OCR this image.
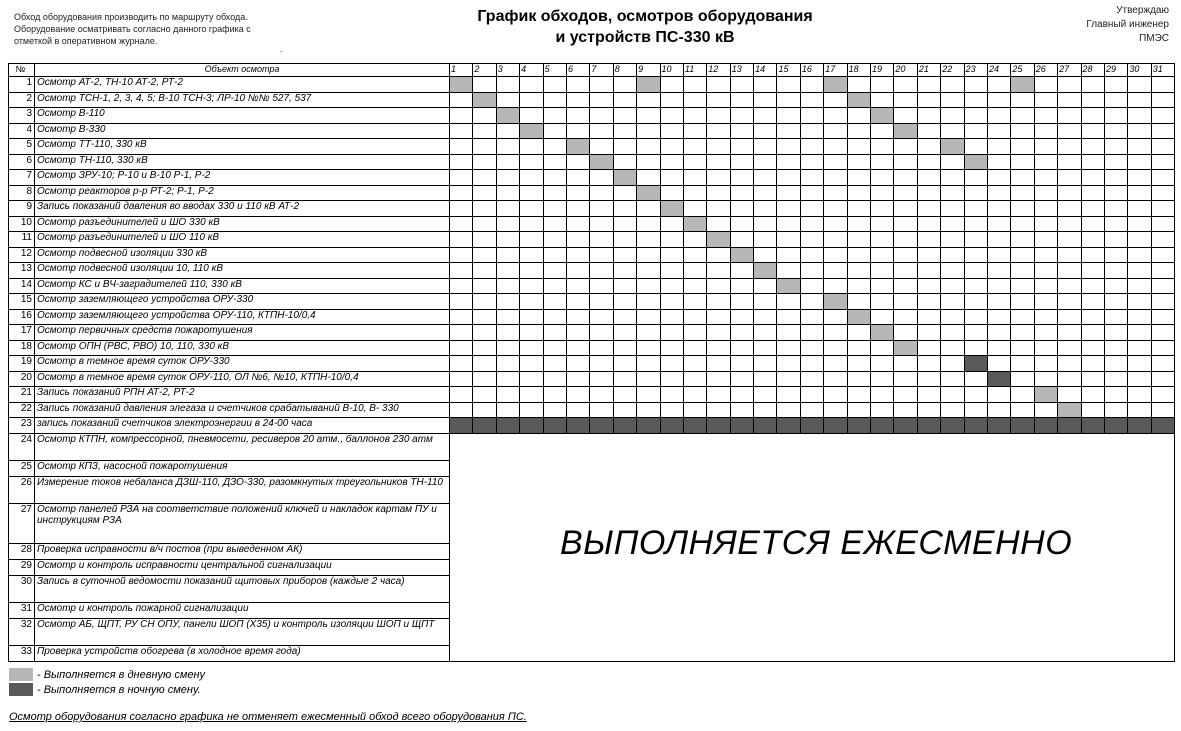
Обход оборудования производить по маршруту обхода.
Оборудование осматривать согласно данного графика с
отметкой в оперативном журнале.
График обходов, осмотров оборудования
и устройств ПС-330 кВ
.
Утверждаю
Главный инженер
ПМЭС
№	Объект осмотра	1	2	3	4	5	6	7	8	9	10	11	12	13	14	15	16	17	18	19	20	21	22	23	24	25	26	27	28	29	30	31
1	Осмотр АТ-2, ТН-10 АТ-2, РТ-2																															
2	Осмотр ТСН-1, 2, 3, 4, 5; В-10 ТСН-3; ЛР-10 №№ 527, 537																															
3	Осмотр В-110																															
4	Осмотр В-330																															
5	Осмотр ТТ-110, 330 кВ																															
6	Осмотр ТН-110, 330 кВ																															
7	Осмотр ЗРУ-10; Р-10 и В-10 Р-1, Р-2																															
8	Осмотр реакторов р-р РТ-2; Р-1, Р-2																															
9	Запись показаний давления во вводах 330 и 110 кВ АТ-2																															
10	Осмотр разъединителей и ШО 330 кВ																															
11	Осмотр разъединителей и ШО 110 кВ																															
12	Осмотр подвесной изоляции 330 кВ																															
13	Осмотр подвесной изоляции 10, 110 кВ																															
14	Осмотр КС и ВЧ-заградителей 110, 330 кВ																															
15	Осмотр заземляющего устройства ОРУ-330																															
16	Осмотр заземляющего устройства ОРУ-110, КТПН-10/0,4																															
17	Осмотр первичных средств пожаротушения																															
18	Осмотр ОПН (РВС, РВО) 10, 110, 330 кВ																															
19	Осмотр в темное время суток ОРУ-330																															
20	Осмотр в темное время суток ОРУ-110, ОЛ №6, №10, КТПН-10/0,4																															
21	Запись показаний РПН АТ-2, РТ-2																															
22	Запись показаний давления элегаза и счетчиков срабатываний В-10, В- 330																															
23	запись показаний счетчиков электроэнергии в 24-00 часа																															
24	Осмотр КТПН, компрессорной, пневмосети, ресиверов 20 атм., баллонов 230 атм	ВЫПОЛНЯЕТСЯ ЕЖЕСМЕННО																														
25	Осмотр КПЗ, насосной пожаротушения																															
26	Измерение токов небаланса ДЗШ-110, ДЗО-330, разомкнутых треугольников ТН-110																															
27	Осмотр панелей РЗА на соответствие положений ключей и накладок картам ПУ и инструкциям РЗА																															
28	Проверка исправности в/ч постов (при выведенном АК)																															
29	Осмотр и контроль исправности центральной сигнализации																															
30	Запись в суточной ведомости показаний щитовых приборов (каждые 2 часа)																															
31	Осмотр и контроль пожарной сигнализации																															
32	Осмотр АБ, ЩПТ, РУ СН ОПУ, панели ШОП (Х35) и контроль изоляции ШОП и ЩПТ																															
33	Проверка устройств обогрева (в холодное время года)																															
- Выполняется в дневную смену
- Выполняется в ночную смену.
Осмотр оборудования согласно графика не отменяет ежесменный обход всего оборудования ПС.
